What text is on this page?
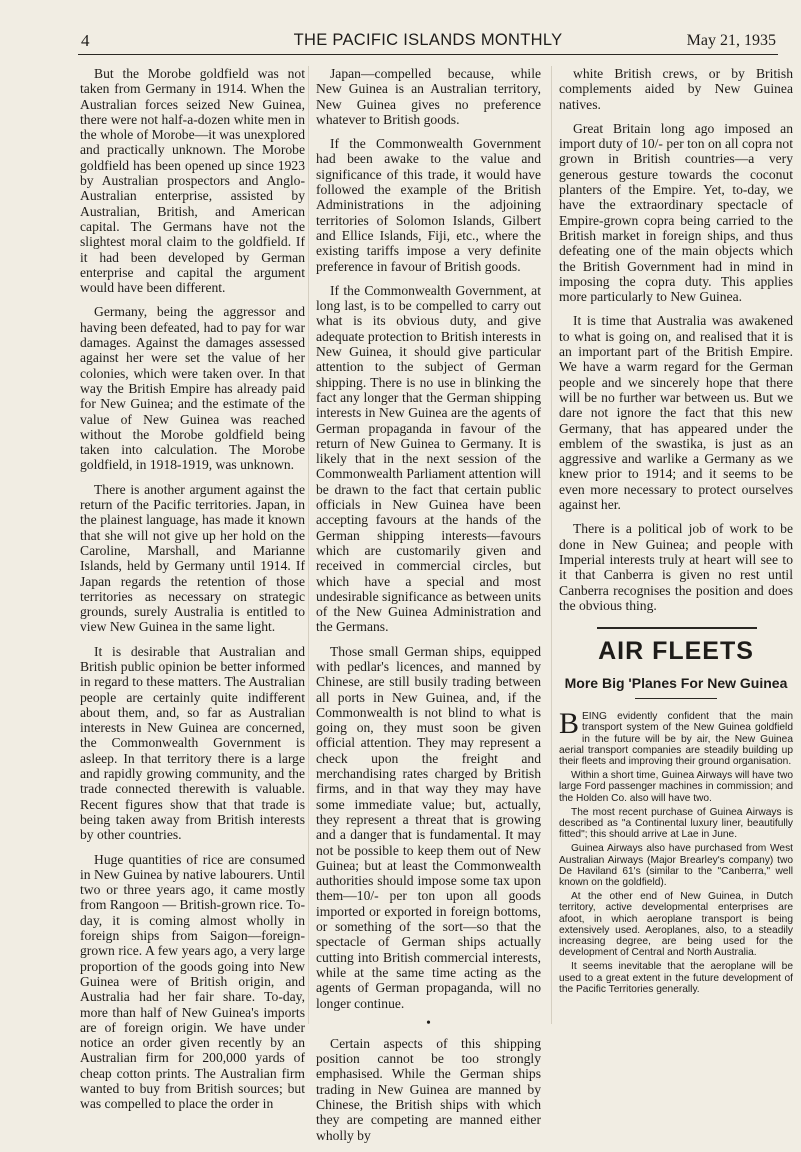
4	THE PACIFIC ISLANDS MONTHLY	May 21, 1935

But the Morobe goldfield was not taken from Germany in 1914. When the Australian forces seized New Guinea, there were not half-a-dozen white men in the whole of Morobe—it was unexplored and practically unknown. The Morobe goldfield has been opened up since 1923 by Australian prospectors and Anglo-Australian enterprise, assisted by Australian, British, and American capital. The Germans have not the slightest moral claim to the goldfield. If it had been developed by German enterprise and capital the argument would have been different.

Germany, being the aggressor and having been defeated, had to pay for war damages. Against the damages assessed against her were set the value of her colonies, which were taken over. In that way the British Empire has already paid for New Guinea; and the estimate of the value of New Guinea was reached without the Morobe goldfield being taken into calculation. The Morobe goldfield, in 1918-1919, was unknown.

There is another argument against the return of the Pacific territories. Japan, in the plainest language, has made it known that she will not give up her hold on the Caroline, Marshall, and Marianne Islands, held by Germany until 1914. If Japan regards the retention of those territories as necessary on strategic grounds, surely Australia is entitled to view New Guinea in the same light.

It is desirable that Australian and British public opinion be better informed in regard to these matters. The Australian people are certainly quite indifferent about them, and, so far as Australian interests in New Guinea are concerned, the Commonwealth Government is asleep. In that territory there is a large and rapidly growing community, and the trade connected therewith is valuable. Recent figures show that that trade is being taken away from British interests by other countries.

Huge quantities of rice are consumed in New Guinea by native labourers. Until two or three years ago, it came mostly from Rangoon — British-grown rice. To-day, it is coming almost wholly in foreign ships from Saigon—foreign-grown rice. A few years ago, a very large proportion of the goods going into New Guinea were of British origin, and Australia had her fair share. To-day, more than half of New Guinea's imports are of foreign origin. We have under notice an order given recently by an Australian firm for 200,000 yards of cheap cotton prints. The Australian firm wanted to buy from British sources; but was compelled to place the order in

Japan—compelled because, while New Guinea is an Australian territory, New Guinea gives no preference whatever to British goods.

If the Commonwealth Government had been awake to the value and significance of this trade, it would have followed the example of the British Administrations in the adjoining territories of Solomon Islands, Gilbert and Ellice Islands, Fiji, etc., where the existing tariffs impose a very definite preference in favour of British goods.

If the Commonwealth Government, at long last, is to be compelled to carry out what is its obvious duty, and give adequate protection to British interests in New Guinea, it should give particular attention to the subject of German shipping. There is no use in blinking the fact any longer that the German shipping interests in New Guinea are the agents of German propaganda in favour of the return of New Guinea to Germany. It is likely that in the next session of the Commonwealth Parliament attention will be drawn to the fact that certain public officials in New Guinea have been accepting favours at the hands of the German shipping interests—favours which are customarily given and received in commercial circles, but which have a special and most undesirable significance as between units of the New Guinea Administration and the Germans.

Those small German ships, equipped with pedlar's licences, and manned by Chinese, are still busily trading between all ports in New Guinea, and, if the Commonwealth is not blind to what is going on, they must soon be given official attention. They may represent a check upon the freight and merchandising rates charged by British firms, and in that way they may have some immediate value; but, actually, they represent a threat that is growing and a danger that is fundamental. It may not be possible to keep them out of New Guinea; but at least the Commonwealth authorities should impose some tax upon them—10/- per ton upon all goods imported or exported in foreign bottoms, or something of the sort—so that the spectacle of German ships actually cutting into British commercial interests, while at the same time acting as the agents of German propaganda, will no longer continue.

•

Certain aspects of this shipping position cannot be too strongly emphasised. While the German ships trading in New Guinea are manned by Chinese, the British ships with which they are competing are manned either wholly by

white British crews, or by British complements aided by New Guinea natives.

Great Britain long ago imposed an import duty of 10/- per ton on all copra not grown in British countries—a very generous gesture towards the coconut planters of the Empire. Yet, to-day, we have the extraordinary spectacle of Empire-grown copra being carried to the British market in foreign ships, and thus defeating one of the main objects which the British Government had in mind in imposing the copra duty. This applies more particularly to New Guinea.

It is time that Australia was awakened to what is going on, and realised that it is an important part of the British Empire. We have a warm regard for the German people and we sincerely hope that there will be no further war between us. But we dare not ignore the fact that this new Germany, that has appeared under the emblem of the swastika, is just as an aggressive and warlike a Germany as we knew prior to 1914; and it seems to be even more necessary to protect ourselves against her.

There is a political job of work to be done in New Guinea; and people with Imperial interests truly at heart will see to it that Canberra is given no rest until Canberra recognises the position and does the obvious thing.

AIR FLEETS
More Big 'Planes For New Guinea

BEING evidently confident that the main transport system of the New Guinea goldfield in the future will be by air, the New Guinea aerial transport companies are steadily building up their fleets and improving their ground organisation.

Within a short time, Guinea Airways will have two large Ford passenger machines in commission; and the Holden Co. also will have two.

The most recent purchase of Guinea Airways is described as "a Continental luxury liner, beautifully fitted"; this should arrive at Lae in June.

Guinea Airways also have purchased from West Australian Airways (Major Brearley's company) two De Haviland 61's (similar to the "Canberra," well known on the goldfield).

At the other end of New Guinea, in Dutch territory, active developmental enterprises are afoot, in which aeroplane transport is being extensively used. Aeroplanes, also, to a steadily increasing degree, are being used for the development of Central and North Australia.

It seems inevitable that the aeroplane will be used to a great extent in the future development of the Pacific Territories generally.
